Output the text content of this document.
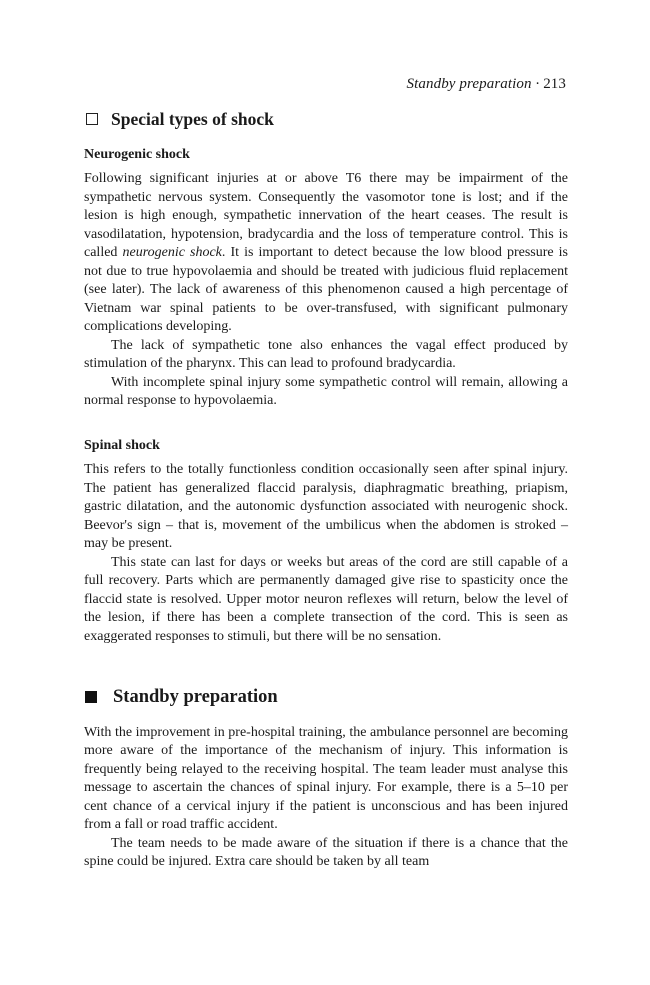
Standby preparation · 213
Special types of shock
Neurogenic shock

Following significant injuries at or above T6 there may be impairment of the sympathetic nervous system. Consequently the vasomotor tone is lost; and if the lesion is high enough, sympathetic innervation of the heart ceases. The result is vasodilatation, hypotension, bradycardia and the loss of temperature control. This is called neurogenic shock. It is important to detect because the low blood pressure is not due to true hypovolaemia and should be treated with judicious fluid replacement (see later). The lack of awareness of this phenomenon caused a high percentage of Vietnam war spinal patients to be over-transfused, with significant pulmonary complications developing.

The lack of sympathetic tone also enhances the vagal effect produced by stimulation of the pharynx. This can lead to profound bradycardia.

With incomplete spinal injury some sympathetic control will remain, allowing a normal response to hypovolaemia.

Spinal shock

This refers to the totally functionless condition occasionally seen after spinal injury. The patient has generalized flaccid paralysis, diaphragmatic breathing, priapism, gastric dilatation, and the autonomic dysfunction associated with neurogenic shock. Beevor's sign – that is, movement of the umbilicus when the abdomen is stroked – may be present.

This state can last for days or weeks but areas of the cord are still capable of a full recovery. Parts which are permanently damaged give rise to spasticity once the flaccid state is resolved. Upper motor neuron reflexes will return, below the level of the lesion, if there has been a complete transection of the cord. This is seen as exaggerated responses to stimuli, but there will be no sensation.

Standby preparation

With the improvement in pre-hospital training, the ambulance personnel are becoming more aware of the importance of the mechanism of injury. This information is frequently being relayed to the receiving hospital. The team leader must analyse this message to ascertain the chances of spinal injury. For example, there is a 5–10 per cent chance of a cervical injury if the patient is unconscious and has been injured from a fall or road traffic accident.

The team needs to be made aware of the situation if there is a chance that the spine could be injured. Extra care should be taken by all team
